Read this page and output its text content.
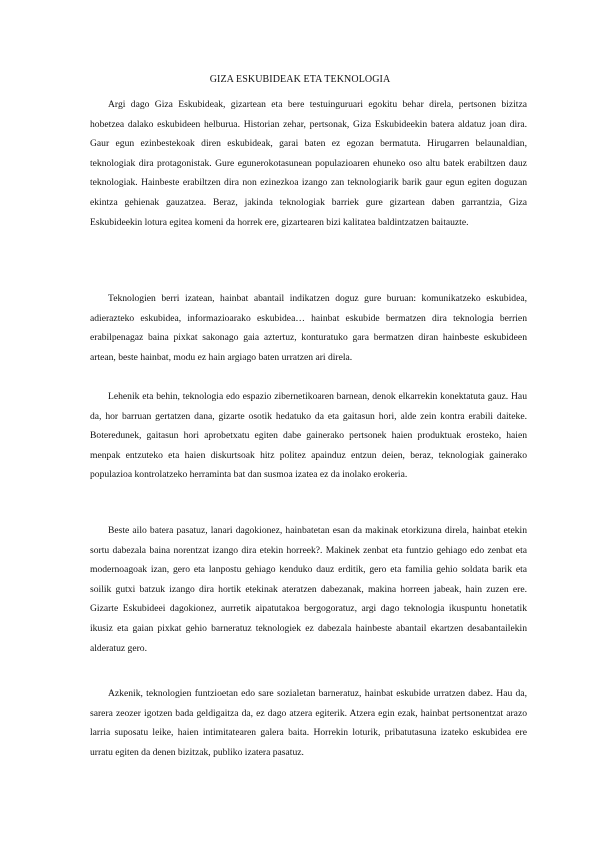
GIZA ESKUBIDEAK ETA TEKNOLOGIA

Argi dago Giza Eskubideak, gizartean eta bere testuinguruari egokitu behar direla, pertsonen bizitza hobetzea dalako eskubideen helburua. Historian zehar, pertsonak, Giza Eskubideekin batera aldatuz joan dira. Gaur egun ezinbestekoak diren eskubideak, garai baten ez egozan bermatuta. Hirugarren belaunaldian, teknologiak dira protagonistak. Gure egunerokotasunean populazioaren ehuneko oso altu batek erabiltzen dauz teknologiak. Hainbeste erabiltzen dira non ezinezkoa izango zan teknologiarik barik gaur egun egiten doguzan ekintza gehienak gauzatzea. Beraz, jakinda teknologiak barriek gure gizartean daben garrantzia, Giza Eskubideekin lotura egitea komeni da horrek ere, gizartearen bizi kalitatea baldintzatzen baitauzte.

Teknologien berri izatean, hainbat abantail indikatzen doguz gure buruan: komunikatzeko eskubidea, adierazteko eskubidea, informazioarako eskubidea… hainbat eskubide bermatzen dira teknologia berrien erabilpenagaz baina pixkat sakonago gaia aztertuz, konturatuko gara bermatzen diran hainbeste eskubideen artean, beste hainbat, modu ez hain argiago baten urratzen ari direla.

Lehenik eta behin, teknologia edo espazio zibernetikoaren barnean, denok elkarrekin konektatuta gauz. Hau da, hor barruan gertatzen dana, gizarte osotik hedatuko da eta gaitasun hori, alde zein kontra erabili daiteke. Boteredunek, gaitasun hori aprobetxatu egiten dabe gainerako pertsonek haien produktuak erosteko, haien menpak entzuteko eta haien diskurtsoak hitz politez apainduz entzun deien, beraz, teknologiak gainerako populazioa kontrolatzeko herraminta bat dan susmoa izatea ez da inolako erokeria.

Beste ailo batera pasatuz, lanari dagokionez, hainbatetan esan da makinak etorkizuna direla, hainbat etekin sortu dabezala baina norentzat izango dira etekin horreek?. Makinek zenbat eta funtzio gehiago edo zenbat eta modernoagoak izan, gero eta lanpostu gehiago kenduko dauz erditik, gero eta familia gehio soldata barik eta soilik gutxi batzuk izango dira hortik etekinak ateratzen dabezanak, makina horreen jabeak, hain zuzen ere. Gizarte Eskubideei dagokionez, aurretik aipatutakoa bergogoratuz, argi dago teknologia ikuspuntu honetatik ikusiz eta gaian pixkat gehio barneratuz teknologiek ez dabezala hainbeste abantail ekartzen desabantailekin alderatuz gero.

Azkenik, teknologien funtzioetan edo sare sozialetan barneratuz, hainbat eskubide urratzen dabez. Hau da, sarera zeozer igotzen bada geldigaitza da, ez dago atzera egiterik. Atzera egin ezak, hainbat pertsonentzat arazo larria suposatu leike, haien intimitatearen galera baita. Horrekin loturik, pribatutasuna izateko eskubidea ere urratu egiten da denen bizitzak, publiko izatera pasatuz.
